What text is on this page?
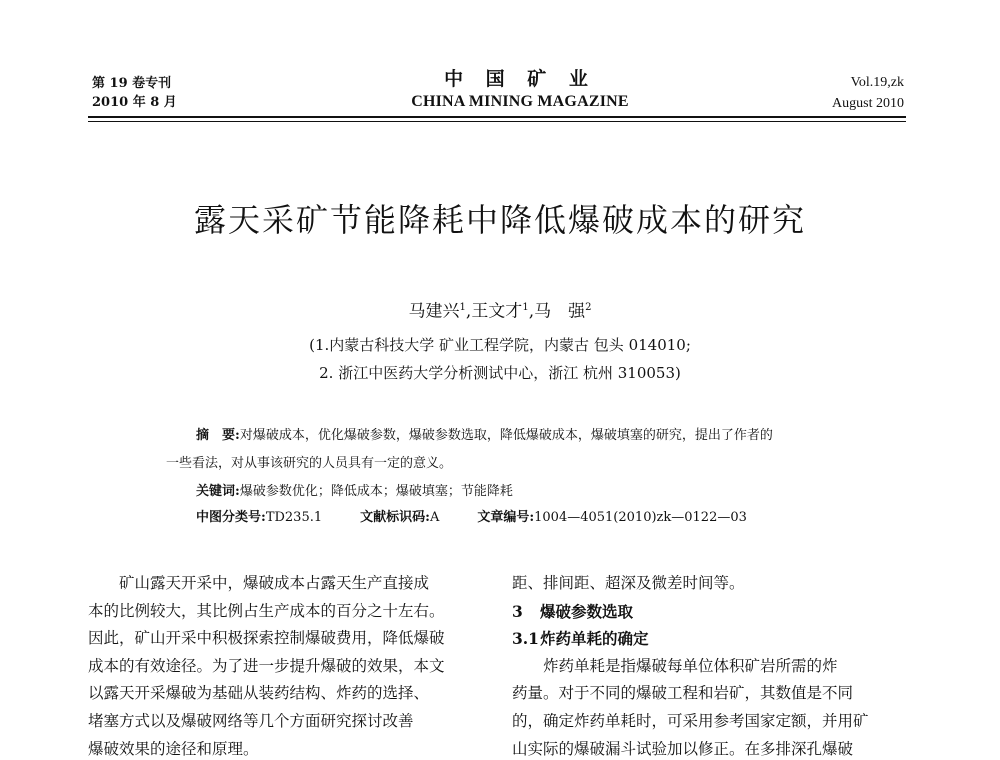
第 19 卷专刊
2010 年 8 月
中 国 矿 业
CHINA MINING MAGAZINE
Vol.19,zk
August 2010
露天采矿节能降耗中降低爆破成本的研究
马建兴$^1$,王文才$^1$,马　强$^2$
(1.内蒙古科技大学 矿业工程学院，内蒙古 包头 014010;
2. 浙江中医药大学分析测试中心，浙江 杭州 310053)
摘　要:对爆破成本，优化爆破参数，爆破参数选取，降低爆破成本，爆破填塞的研究，提出了作者的
一些看法，对从事该研究的人员具有一定的意义。
关键词:爆破参数优化；降低成本；爆破填塞；节能降耗
中图分类号:TD235.1	文献标识码:A	文章编号:1004—4051(2010)zk—0122—03
矿山露天开采中，爆破成本占露天生产直接成
本的比例较大，其比例占生产成本的百分之十左右。
因此，矿山开采中积极探索控制爆破费用，降低爆破
成本的有效途径。为了进一步提升爆破的效果，本文
以露天开采爆破为基础从装药结构、炸药的选择、
堵塞方式以及爆破网络等几个方面研究探讨改善
爆破效果的途径和原理。
距、排间距、超深及微差时间等。
3 爆破参数选取
3.1炸药单耗的确定
炸药单耗是指爆破每单位体积矿岩所需的炸
药量。对于不同的爆破工程和岩矿，其数值是不同
的，确定炸药单耗时，可采用参考国家定额，并用矿
山实际的爆破漏斗试验加以修正。在多排深孔爆破
